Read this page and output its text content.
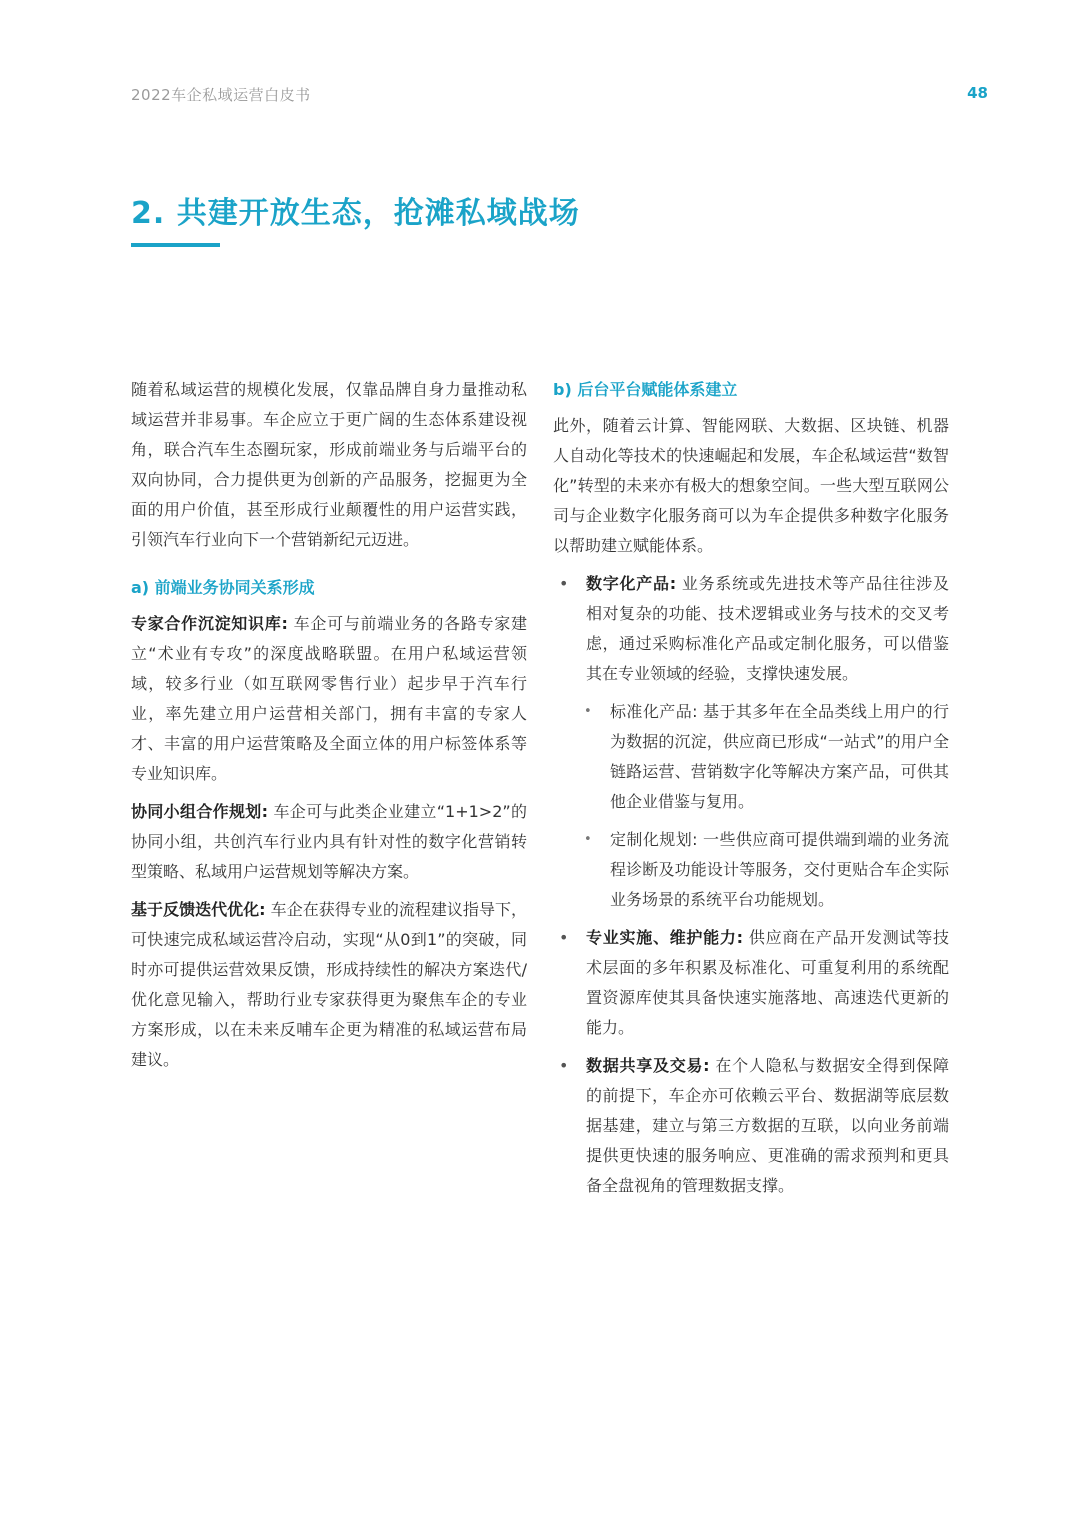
2022车企私域运营白皮书	48
2. 共建开放生态，抢滩私域战场

随着私域运营的规模化发展，仅靠品牌自身力量推动私域运营并非易事。车企应立于更广阔的生态体系建设视角，联合汽车生态圈玩家，形成前端业务与后端平台的双向协同，合力提供更为创新的产品服务，挖掘更为全面的用户价值，甚至形成行业颠覆性的用户运营实践，引领汽车行业向下一个营销新纪元迈进。

a) 前端业务协同关系形成

专家合作沉淀知识库: 车企可与前端业务的各路专家建立“术业有专攻”的深度战略联盟。在用户私域运营领域，较多行业（如互联网零售行业）起步早于汽车行业，率先建立用户运营相关部门，拥有丰富的专家人才、丰富的用户运营策略及全面立体的用户标签体系等专业知识库。

协同小组合作规划: 车企可与此类企业建立“1+1>2”的协同小组，共创汽车行业内具有针对性的数字化营销转型策略、私域用户运营规划等解决方案。

基于反馈迭代优化: 车企在获得专业的流程建议指导下，可快速完成私域运营冷启动，实现“从0到1”的突破，同时亦可提供运营效果反馈，形成持续性的解决方案迭代/优化意见输入，帮助行业专家获得更为聚焦车企的专业方案形成，以在未来反哺车企更为精准的私域运营布局建议。

b) 后台平台赋能体系建立

此外，随着云计算、智能网联、大数据、区块链、机器人自动化等技术的快速崛起和发展，车企私域运营“数智化”转型的未来亦有极大的想象空间。一些大型互联网公司与企业数字化服务商可以为车企提供多种数字化服务以帮助建立赋能体系。

• 数字化产品: 业务系统或先进技术等产品往往涉及相对复杂的功能、技术逻辑或业务与技术的交叉考虑，通过采购标准化产品或定制化服务，可以借鉴其在专业领域的经验，支撑快速发展。
• 标准化产品: 基于其多年在全品类线上用户的行为数据的沉淀，供应商已形成“一站式”的用户全链路运营、营销数字化等解决方案产品，可供其他企业借鉴与复用。
• 定制化规划: 一些供应商可提供端到端的业务流程诊断及功能设计等服务，交付更贴合车企实际业务场景的系统平台功能规划。
• 专业实施、维护能力: 供应商在产品开发测试等技术层面的多年积累及标准化、可重复利用的系统配置资源库使其具备快速实施落地、高速迭代更新的能力。
• 数据共享及交易: 在个人隐私与数据安全得到保障的前提下，车企亦可依赖云平台、数据湖等底层数据基建，建立与第三方数据的互联，以向业务前端提供更快速的服务响应、更准确的需求预判和更具备全盘视角的管理数据支撑。
